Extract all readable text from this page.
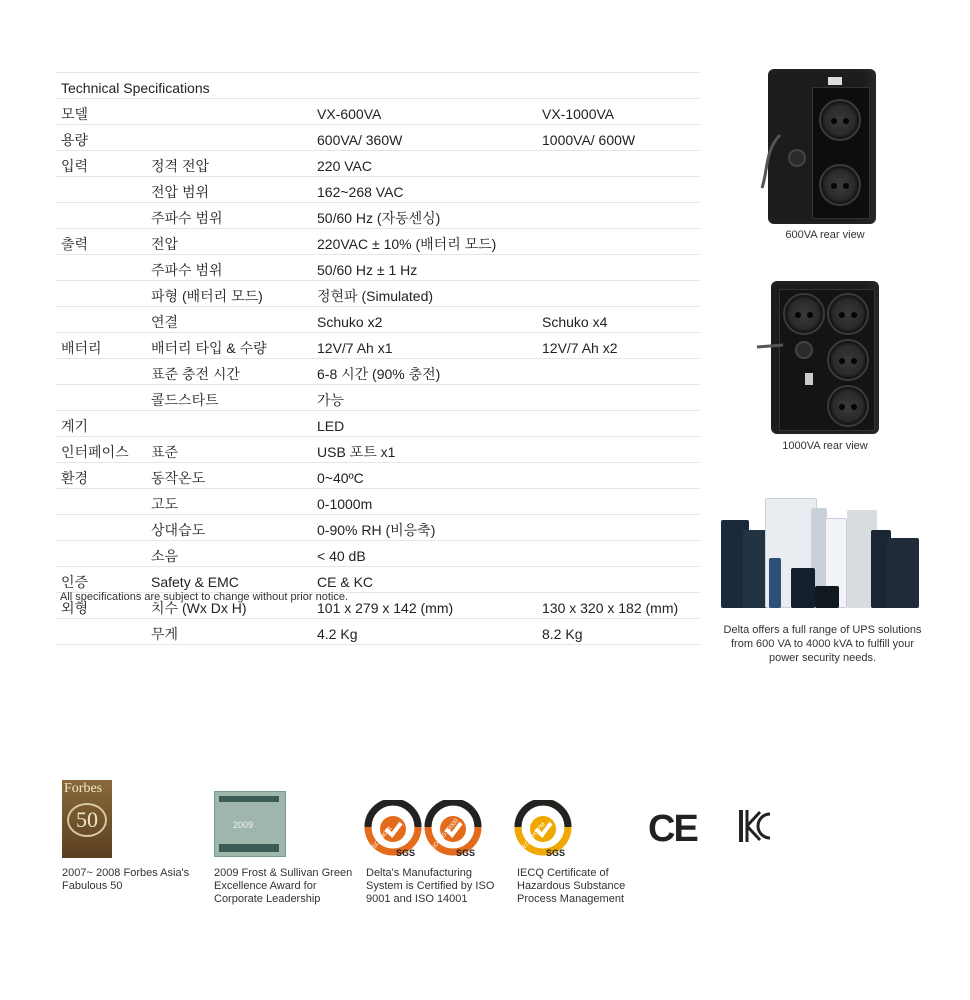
Technical Specifications			
모델		VX-600VA	VX-1000VA
용량		600VA/ 360W	1000VA/ 600W
입력	정격 전압	220 VAC	
	전압 범위	162~268 VAC	
	주파수 범위	50/60 Hz (자동센싱)	
출력	전압	220VAC ± 10% (배터리 모드)	
	주파수 범위	50/60 Hz ± 1 Hz	
	파형 (배터리 모드)	정현파 (Simulated)	
	연결	Schuko x2	Schuko x4
배터리	배터리 타입 & 수량	12V/7 Ah x1	12V/7 Ah x2
	표준 충전 시간	6-8 시간 (90% 충전)	
	콜드스타트	가능	
계기		LED	
인터페이스	표준	USB 포트 x1	
환경	동작온도	0~40ºC	
	고도	0-1000m	
	상대습도	0-90% RH (비응축)	
	소음	< 40 dB	
인증	Safety & EMC	CE & KC	
외형	치수 (Wx Dx H)	101 x 279 x 142 (mm)	130 x 320 x 182 (mm)
	무게	4.2 Kg	8.2 Kg
All specifications are subject to change without prior notice.
600VA rear view
1000VA rear view
Delta offers a full range of UPS solutions from 600 VA to 4000 kVA to fulfill your power security needs.
Forbes
50
2007~ 2008 Forbes Asia's Fabulous 50
2009
2009 Frost & Sullivan Green Excellence Award for Corporate Leadership
ISO 14001
SGS
ISO 9001:2000
SGS
Delta's Manufacturing System is Certified by ISO 9001 and ISO 14001
IECQ HSPM
SGS
IECQ Certificate of Hazardous Substance Process Management
CE
